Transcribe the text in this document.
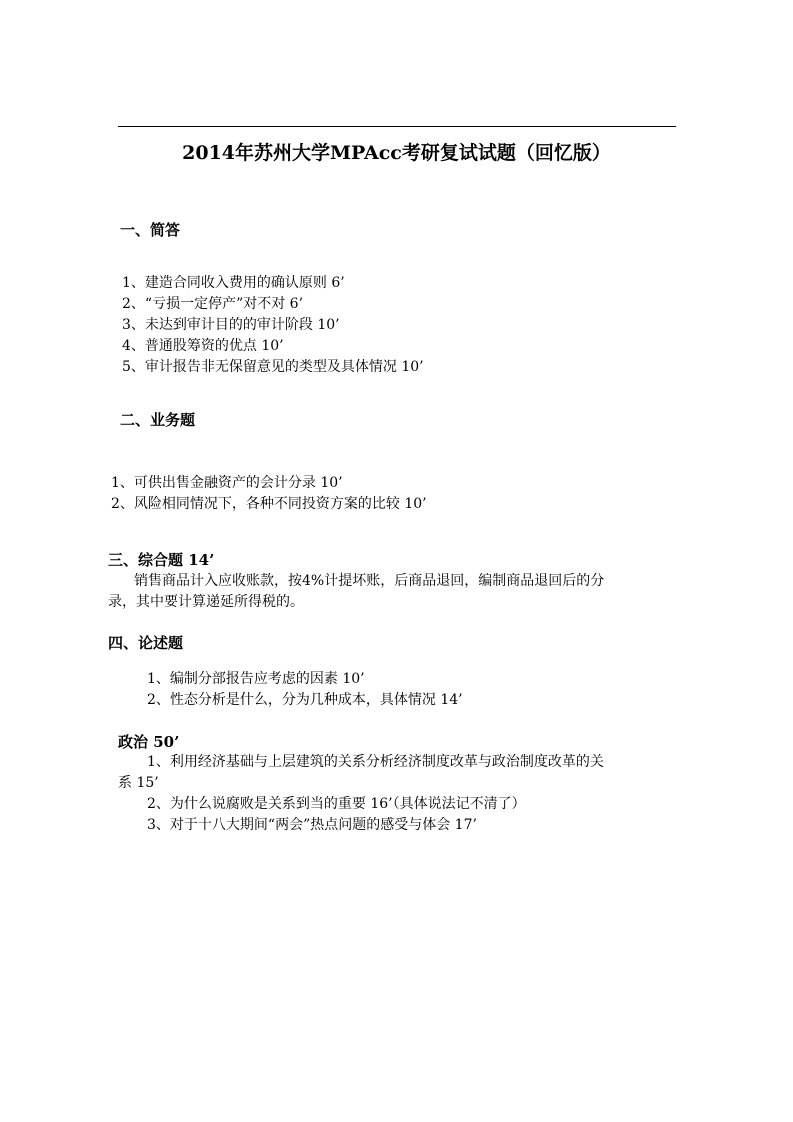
2014年苏州大学MPAcc考研复试试题（回忆版）
一、简答
1、建造合同收入费用的确认原则 6’
2、“亏损一定停产”对不对 6’
3、未达到审计目的的审计阶段 10’
4、普通股筹资的优点 10’
5、审计报告非无保留意见的类型及具体情况 10’
二、业务题
1、可供出售金融资产的会计分录 10’
2、风险相同情况下，各种不同投资方案的比较 10’
三、综合题 14’
销售商品计入应收账款，按4%计提坏账，后商品退回，编制商品退回后的分
录，其中要计算递延所得税的。
四、论述题
1、编制分部报告应考虑的因素 10’
2、性态分析是什么，分为几种成本，具体情况 14’
政治 50’
1、利用经济基础与上层建筑的关系分析经济制度改革与政治制度改革的关
系 15’
2、为什么说腐败是关系到当的重要 16’（具体说法记不清了）
3、对于十八大期间“两会”热点问题的感受与体会 17’
